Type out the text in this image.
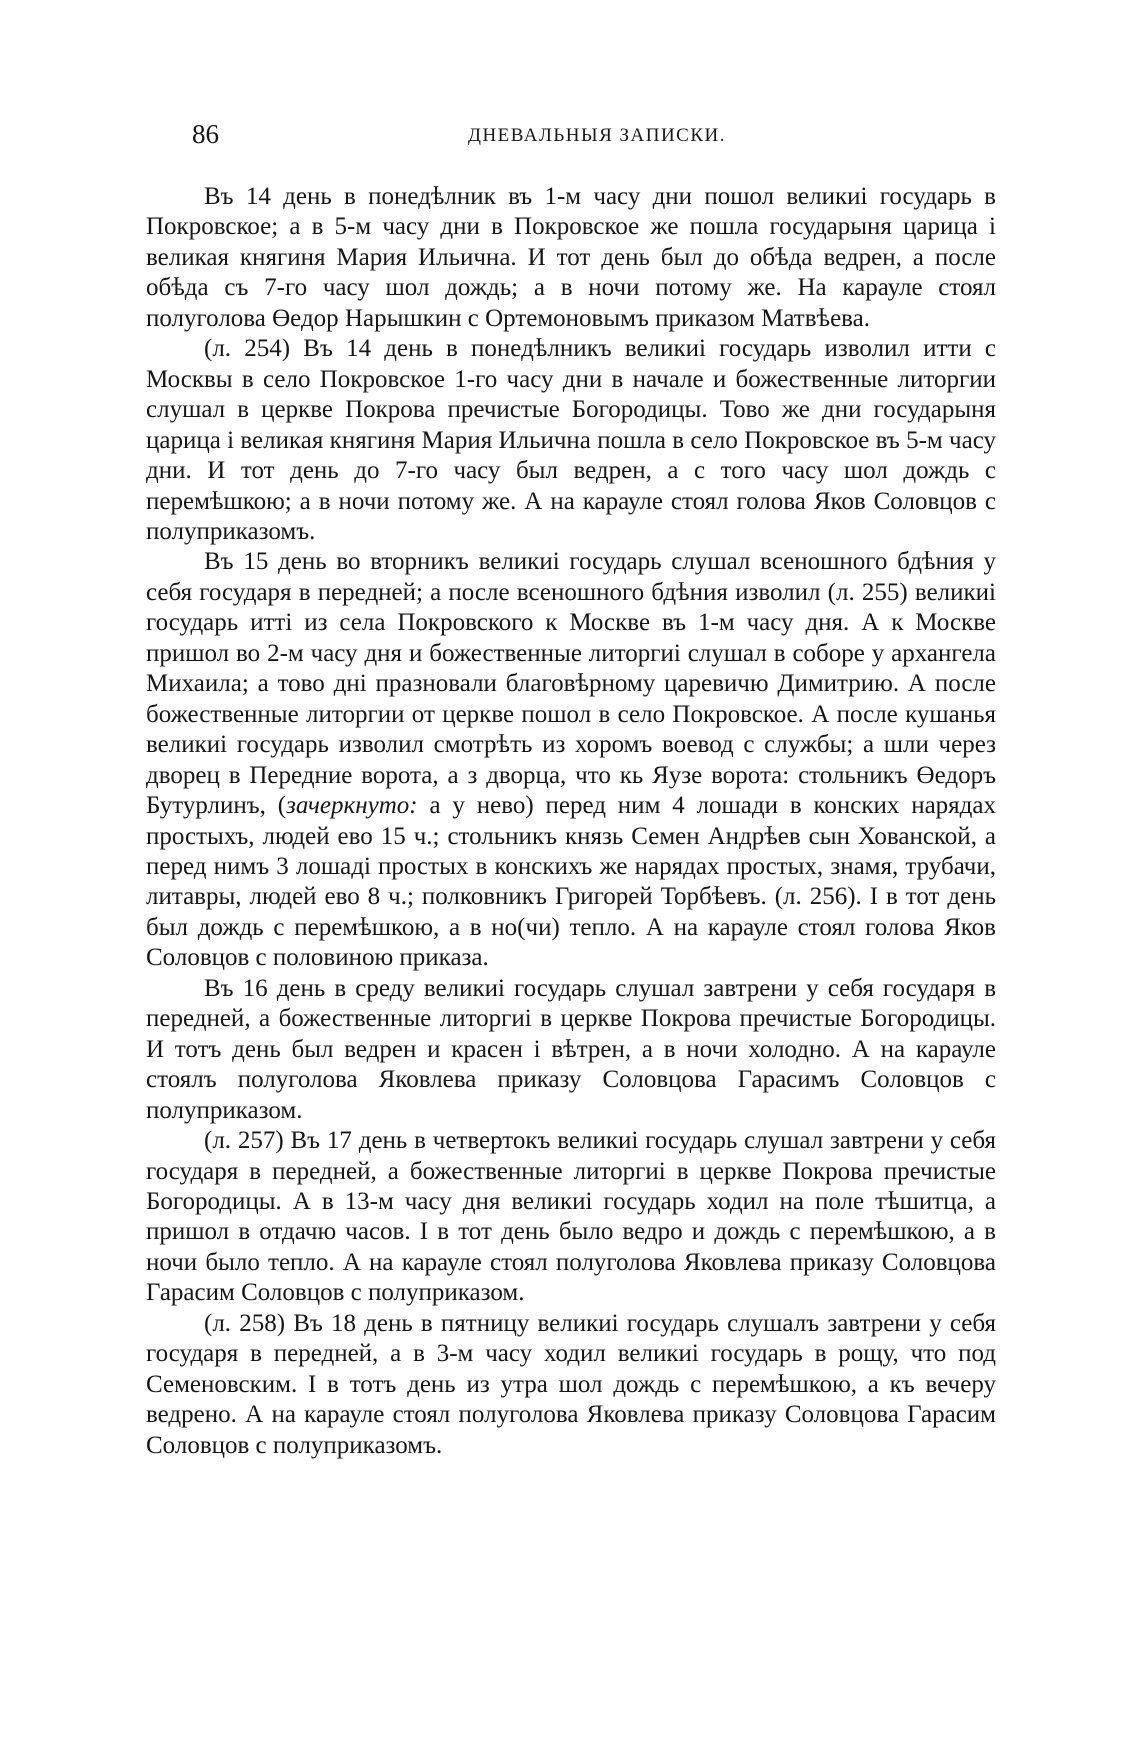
86	ДНЕВАЛЬНЫЯ ЗАПИСКИ.

Въ 14 день в понедѣлник въ 1-м часу дни пошол великиі государь в Покровское; а в 5-м часу дни в Покровское же пошла государыня царица і великая княгиня Мария Ильична. И тот день был до обѣда ведрен, а после обѣда съ 7-го часу шол дождь; а в ночи потому же. На карауле стоял полуголова Өедор Нарышкин с Ортемоновымъ приказом Матвѣева.

(л. 254) Въ 14 день в понедѣлникъ великиі государь изволил итти с Москвы в село Покровское 1-го часу дни в начале и божественные литоргии слушал в церкве Покрова пречистые Богородицы. Тово же дни государыня царица і великая княгиня Мария Ильична пошла в село Покровское въ 5-м часу дни. И тот день до 7-го часу был ведрен, а с того часу шол дождь с перемѣшкою; а в ночи потому же. А на карауле стоял голова Яков Соловцов с полуприказомъ.

Въ 15 день во вторникъ великиі государь слушал всеношного бдѣния у себя государя в передней; а после всеношного бдѣния изволил (л. 255) великиі государь итті из села Покровского к Москве въ 1-м часу дня. А к Москве пришол во 2-м часу дня и божественные литоргиі слушал в соборе у архангела Михаила; а тово дні празновали благовѣрному царевичю Димитрию. А после божественные литоргии от церкве пошол в село Покровское. А после кушанья великиі государь изволил смотрѣть из хоромъ воевод с службы; а шли через дворец в Передние ворота, а з дворца, что кь Яузе ворота: стольникъ Өедоръ Бутурлинъ, (зачеркнуто: а у нево) перед ним 4 лошади в конских нарядах простыхъ, людей ево 15 ч.; стольникъ князь Семен Андрѣев сын Хованской, а перед нимъ 3 лошаді простых в конскихъ же нарядах простых, знамя, трубачи, литавры, людей ево 8 ч.; полковникъ Григорей Торбѣевъ. (л. 256). І в тот день был дождь с перемѣшкою, а в но(чи) тепло. А на карауле стоял голова Яков Соловцов с половиною приказа.

Въ 16 день в среду великиі государь слушал завтрени у себя государя в передней, а божественные литоргиі в церкве Покрова пречистые Богородицы. И тотъ день был ведрен и красен і вѣтрен, а в ночи холодно. А на карауле стоялъ полуголова Яковлева приказу Соловцова Гарасимъ Соловцов с полуприказом.

(л. 257) Въ 17 день в четвертокъ великиі государь слушал завтрени у себя государя в передней, а божественные литоргиі в церкве Покрова пречистые Богородицы. А в 13-м часу дня великиі государь ходил на поле тѣшитца, а пришол в отдачю часов. І в тот день было ведро и дождь с перемѣшкою, а в ночи было тепло. А на карауле стоял полуголова Яковлева приказу Соловцова Гарасим Соловцов с полуприказом.

(л. 258) Въ 18 день в пятницу великиі государь слушалъ завтрени у себя государя в передней, а в 3-м часу ходил великиі государь в рощу, что под Семеновским. І в тотъ день из утра шол дождь с перемѣшкою, а къ вечеру ведрено. А на карауле стоял полуголова Яковлева приказу Соловцова Гарасим Соловцов с полуприказомъ.
